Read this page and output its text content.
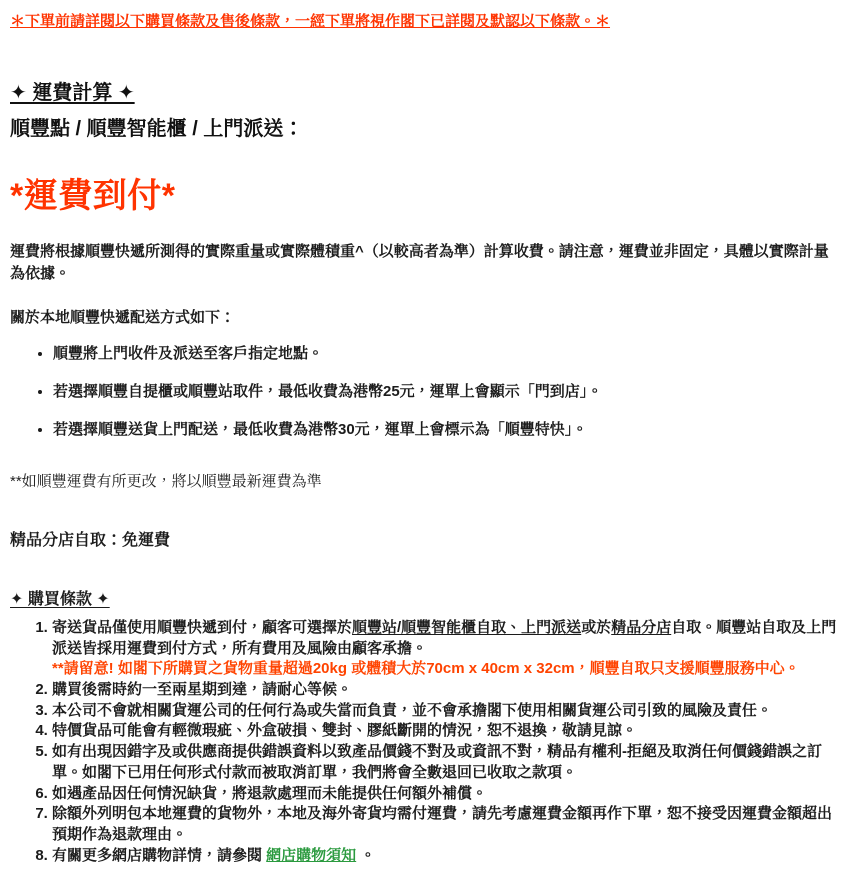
＊下單前請詳閱以下購買條款及售後條款，一經下單將視作閣下已詳閱及默認以下條款。＊

✦ 運費計算 ✦
順豐點 / 順豐智能櫃 / 上門派送：

*運費到付*

運費將根據順豐快遞所測得的實際重量或實際體積重^（以較高者為準）計算收費。請注意，運費並非固定，具體以實際計量為依據。

關於本地順豐快遞配送方式如下：

• 順豐將上門收件及派送至客戶指定地點。
• 若選擇順豐自提櫃或順豐站取件，最低收費為港幣25元，運單上會顯示「門到店」。
• 若選擇順豐送貨上門配送，最低收費為港幣30元，運單上會標示為「順豐特快」。

**如順豐運費有所更改，將以順豐最新運費為準

精品分店自取：免運費

✦ 購買條款 ✦
1. 寄送貨品僅使用順豐快遞到付，顧客可選擇於順豐站/順豐智能櫃自取、上門派送或於精品分店自取。順豐站自取及上門派送皆採用運費到付方式，所有費用及風險由顧客承擔。
**請留意! 如閣下所購買之貨物重量超過20kg 或體積大於70cm x 40cm x 32cm，順豐自取只支援順豐服務中心。
2. 購買後需時約一至兩星期到達，請耐心等候。
3. 本公司不會就相關貨運公司的任何行為或失當而負責，並不會承擔閣下使用相關貨運公司引致的風險及責任。
4. 特價貨品可能會有輕微瑕疵、外盒破損、雙封、膠紙斷開的情況，恕不退換，敬請見諒。
5. 如有出現因錯字及或供應商提供錯誤資料以致產品價錢不對及或資訊不對，精品有權利-拒絕及取消任何價錢錯誤之訂單。如閣下已用任何形式付款而被取消訂單，我們將會全數退回已收取之款項。
6. 如遇產品因任何情況缺貨，將退款處理而未能提供任何額外補償。
7. 除額外列明包本地運費的貨物外，本地及海外寄貨均需付運費，請先考慮運費金額再作下單，恕不接受因運費金額超出預期作為退款理由。
8. 有關更多網店購物詳情，請參閱 網店購物須知 。
